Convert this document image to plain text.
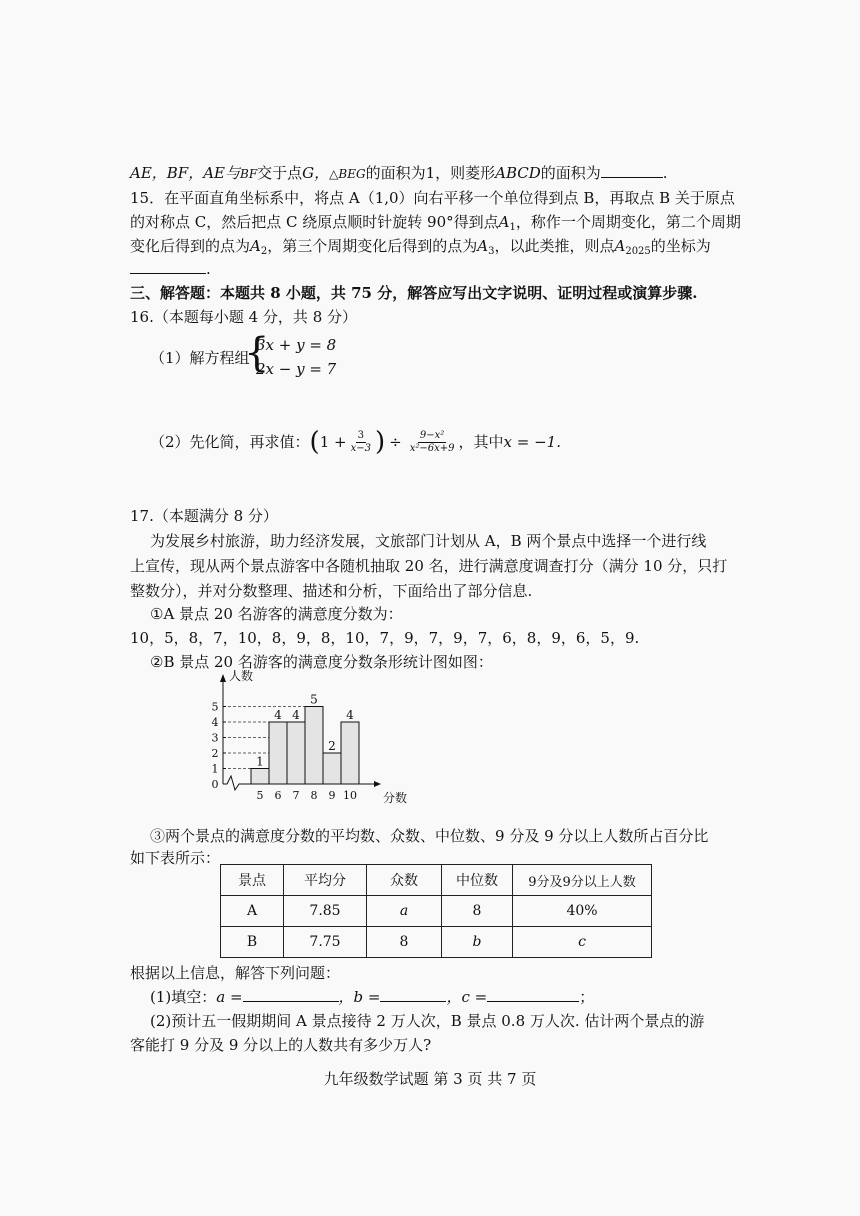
AE，BF，AE与BF交于点G，△BEG的面积为1，则菱形ABCD的面积为	.
15．在平面直角坐标系中，将点 A（1,0）向右平移一个单位得到点 B，再取点 B 关于原点
的对称点 C，然后把点 C 绕原点顺时针旋转 90°得到点$A_1$，称作一个周期变化，第二个周期
变化后得到的点为$A_2$，第三个周期变化后得到的点为$A_3$，以此类推，则点$A_{2025}$的坐标为
.
三、解答题：本题共 8 小题，共 75 分，解答应写出文字说明、证明过程或演算步骤.
16.（本题每小题 4 分，共 8 分）
（1）解方程组
{
3x + y = 8
2x − y = 7
（2）先化简，再求值： ( $1 + \frac{3}{x-3}$ ) ÷ $\frac{\text{9−x²}}{\text{x²−6x+9}}$ ，其中 x = −1.
17.（本题满分 8 分）
为发展乡村旅游，助力经济发展，文旅部门计划从 A，B 两个景点中选择一个进行线
上宣传，现从两个景点游客中各随机抽取 20 名，进行满意度调查打分（满分 10 分，只打
整数分），并对分数整理、描述和分析，下面给出了部分信息.
①A 景点 20 名游客的满意度分数为：
10，5，8，7，10，8，9，8，10，7，9，7，9，7，6，8，9，6，5，9.
②B 景点 20 名游客的满意度分数条形统计图如图：
0
1
2
3
4
5
人数
分数
1
5
4
6
4
7
5
8
2
9
4
10
③两个景点的满意度分数的平均数、众数、中位数、9 分及 9 分以上人数所占百分比
如下表所示：
景点	平均分	众数	中位数	9分及9分以上人数
A	7.85	a	8	40%
B	7.75	8	b	c
根据以上信息，解答下列问题：
(1)填空：a =	，b =	，c =	；
(2)预计五一假期期间 A 景点接待 2 万人次，B 景点 0.8 万人次. 估计两个景点的游
客能打 9 分及 9 分以上的人数共有多少万人?
九年级数学试题 第 3 页 共 7 页
